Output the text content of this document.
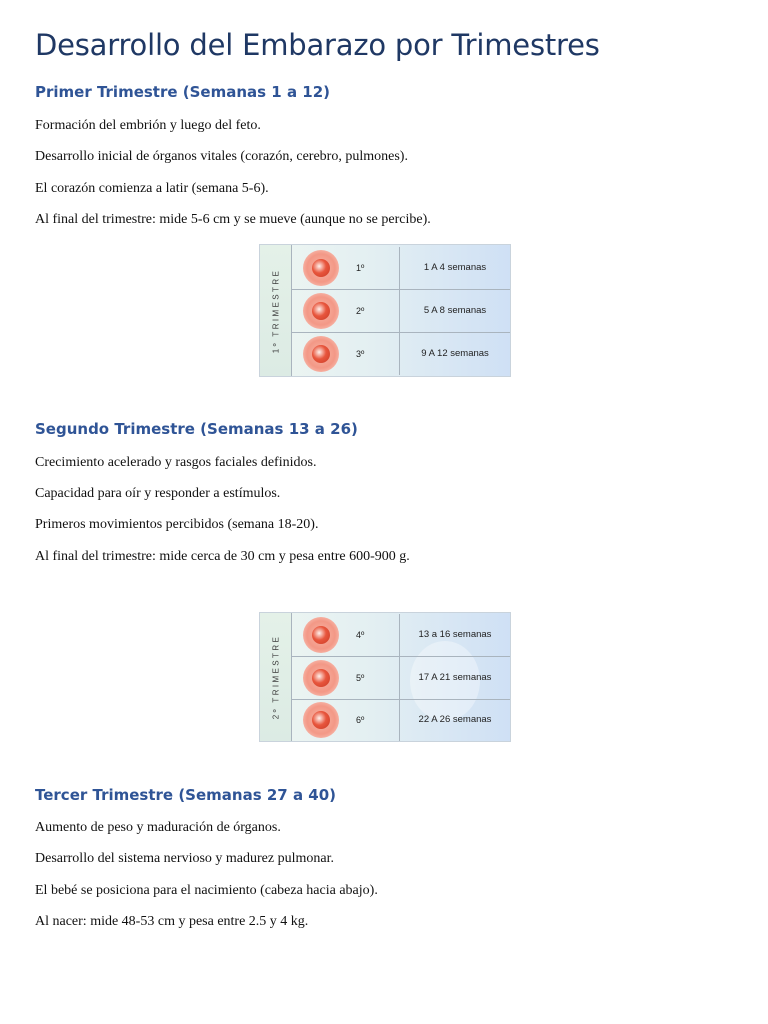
Desarrollo del Embarazo por Trimestres
Primer Trimestre (Semanas 1 a 12)

Formación del embrión y luego del feto.

Desarrollo inicial de órganos vitales (corazón, cerebro, pulmones).

El corazón comienza a latir (semana 5-6).

Al final del trimestre: mide 5-6 cm y se mueve (aunque no se percibe).

1º TRIMESTRE
1º	1 A 4 semanas
2º	5 A 8 semanas
3º	9 A 12 semanas
Segundo Trimestre (Semanas 13 a 26)

Crecimiento acelerado y rasgos faciales definidos.

Capacidad para oír y responder a estímulos.

Primeros movimientos percibidos (semana 18-20).

Al final del trimestre: mide cerca de 30 cm y pesa entre 600-900 g.

2º TRIMESTRE	4º	13 a 16 semanas
5º	17 A 21 semanas
6º	22 A 26 semanas
Tercer Trimestre (Semanas 27 a 40)

Aumento de peso y maduración de órganos.

Desarrollo del sistema nervioso y madurez pulmonar.

El bebé se posiciona para el nacimiento (cabeza hacia abajo).

Al nacer: mide 48-53 cm y pesa entre 2.5 y 4 kg.
